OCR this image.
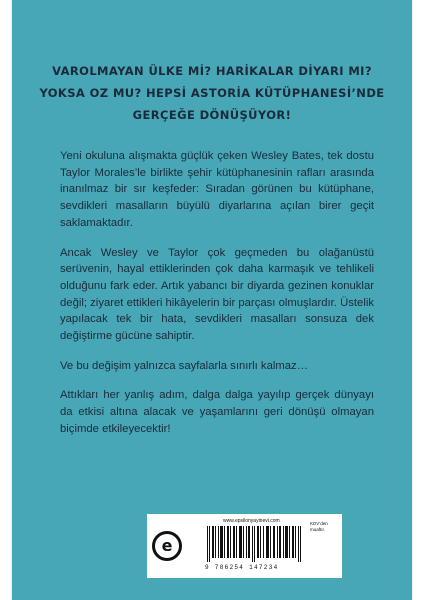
VAROLMAYAN ÜLKE Mİ? HARİKALAR DİYARI MI?
YOKSA OZ MU? HEPSİ ASTORİA KÜTÜPHANESİ’NDE
GERÇEĞE DÖNÜŞÜYOR!

Yeni okuluna alışmakta güçlük çeken Wesley Bates, tek dostu Taylor Morales’le birlikte şehir kütüphanesinin rafları arasında inanılmaz bir sır keşfeder: Sıradan görünen bu kütüphane, sevdikleri masalların büyülü diyarlarına açılan birer geçit saklamaktadır.

Ancak Wesley ve Taylor çok geçmeden bu olağanüstü serüvenin, hayal ettiklerinden çok daha karmaşık ve tehlikeli olduğunu fark eder. Artık yabancı bir diyarda gezinen konuklar değil; ziyaret ettikleri hikâyelerin bir parçası olmuşlardır. Üstelik yapılacak tek bir hata, sevdikleri masalları sonsuza dek değiştirme gücüne sahiptir.

Ve bu değişim yalnızca sayfalarla sınırlı kalmaz…

Attıkları her yanlış adım, dalga dalga yayılıp gerçek dünyayı da etkisi altına alacak ve yaşamlarını geri dönüşü olmayan biçimde etkileyecektir!

www.epsilonyayinevi.com
e
9 786254 147234
KDV’den
muaftır.
